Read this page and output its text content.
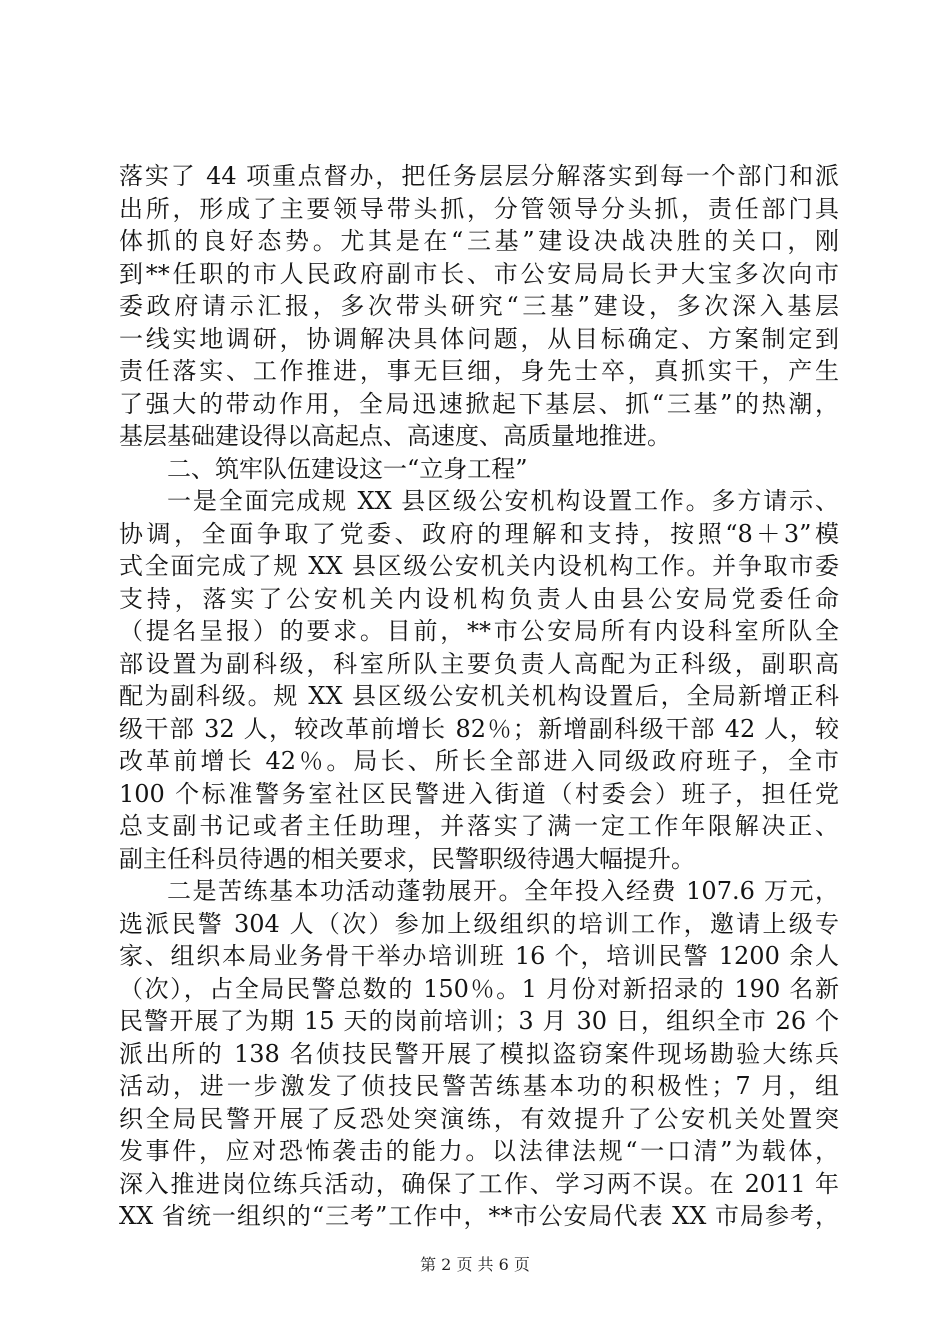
落实了 44 项重点督办，把任务层层分解落实到每一个部门和派
出所，形成了主要领导带头抓，分管领导分头抓，责任部门具
体抓的良好态势。尤其是在“三基”建设决战决胜的关口，刚
到**任职的市人民政府副市长、市公安局局长尹大宝多次向市
委政府请示汇报，多次带头研究“三基”建设，多次深入基层
一线实地调研，协调解决具体问题，从目标确定、方案制定到
责任落实、工作推进，事无巨细，身先士卒，真抓实干，产生
了强大的带动作用，全局迅速掀起下基层、抓“三基”的热潮，
基层基础建设得以高起点、高速度、高质量地推进。
二、筑牢队伍建设这一“立身工程”
一是全面完成规 XX 县区级公安机构设置工作。多方请示、
协调，全面争取了党委、政府的理解和支持，按照“8＋3”模
式全面完成了规 XX 县区级公安机关内设机构工作。并争取市委
支持，落实了公安机关内设机构负责人由县公安局党委任命
（提名呈报）的要求。目前，**市公安局所有内设科室所队全
部设置为副科级，科室所队主要负责人高配为正科级，副职高
配为副科级。规 XX 县区级公安机关机构设置后，全局新增正科
级干部 32 人，较改革前增长 82％；新增副科级干部 42 人，较
改革前增长 42％。局长、所长全部进入同级政府班子，全市
100 个标准警务室社区民警进入街道（村委会）班子，担任党
总支副书记或者主任助理，并落实了满一定工作年限解决正、
副主任科员待遇的相关要求，民警职级待遇大幅提升。
二是苦练基本功活动蓬勃展开。全年投入经费 107.6 万元，
选派民警 304 人（次）参加上级组织的培训工作，邀请上级专
家、组织本局业务骨干举办培训班 16 个，培训民警 1200 余人
（次），占全局民警总数的 150％。1 月份对新招录的 190 名新
民警开展了为期 15 天的岗前培训；3 月 30 日，组织全市 26 个
派出所的 138 名侦技民警开展了模拟盗窃案件现场勘验大练兵
活动，进一步激发了侦技民警苦练基本功的积极性；7 月，组
织全局民警开展了反恐处突演练，有效提升了公安机关处置突
发事件，应对恐怖袭击的能力。以法律法规“一口清”为载体，
深入推进岗位练兵活动，确保了工作、学习两不误。在 2011 年
XX 省统一组织的“三考”工作中，**市公安局代表 XX 市局参考，
第 2 页 共 6 页
